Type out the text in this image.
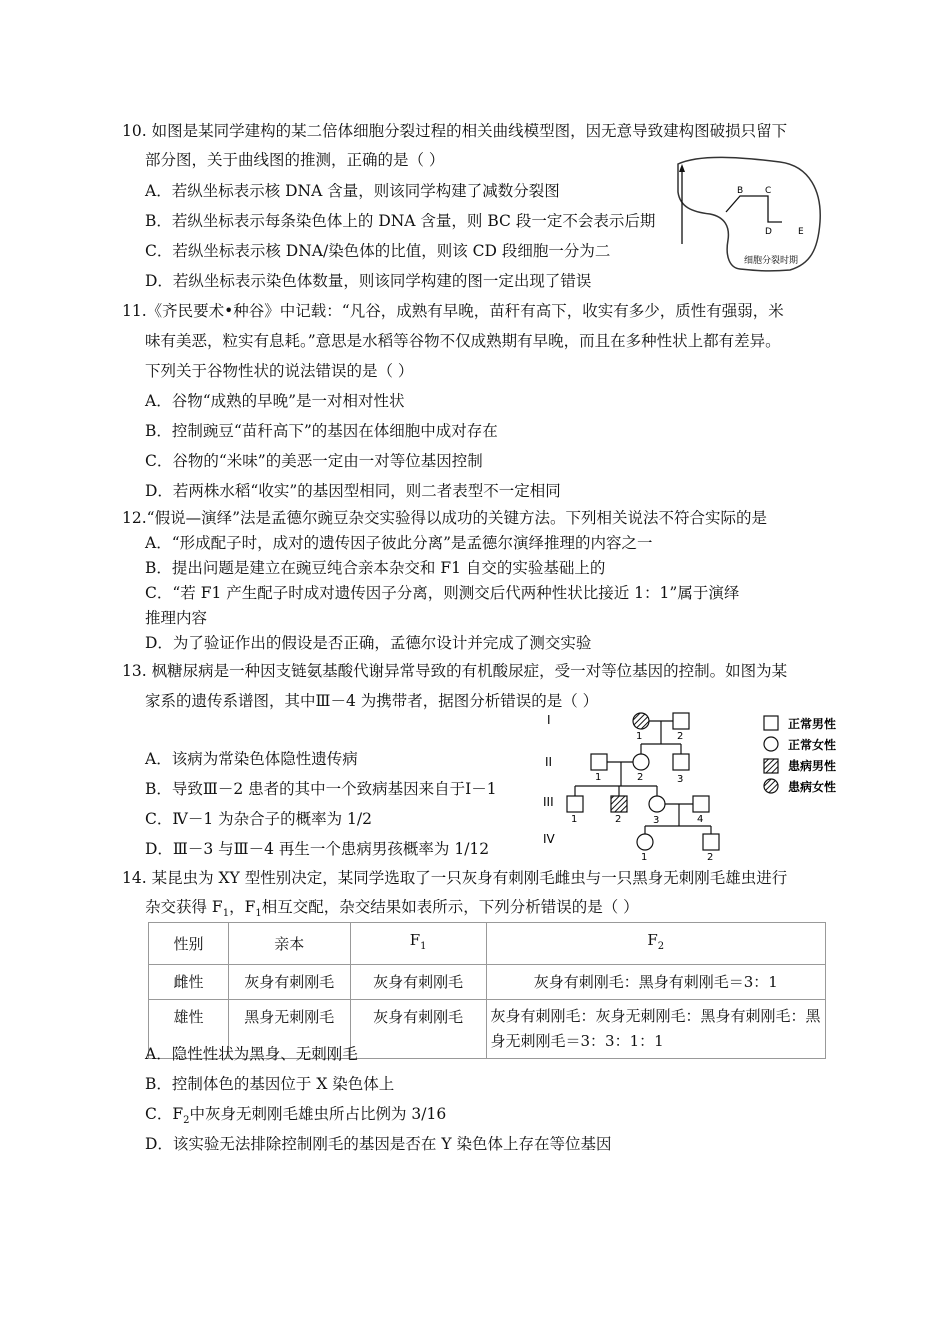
10. 如图是某同学建构的某二倍体细胞分裂过程的相关曲线模型图，因无意导致建构图破损只留下
部分图，关于曲线图的推测，正确的是（ ）
A．若纵坐标表示核 DNA 含量，则该同学构建了减数分裂图
B．若纵坐标表示每条染色体上的 DNA 含量，则 BC 段一定不会表示后期
C．若纵坐标表示核 DNA/染色体的比值，则该 CD 段细胞一分为二
D．若纵坐标表示染色体数量，则该同学构建的图一定出现了错误
B C
D	E
细胞分裂时期
11.《齐民要术•种谷》中记载：“凡谷，成熟有早晚，苗秆有高下，收实有多少，质性有强弱，米
味有美恶，粒实有息耗。”意思是水稻等谷物不仅成熟期有早晚，而且在多种性状上都有差异。
下列关于谷物性状的说法错误的是（ ）
A．谷物“成熟的早晚”是一对相对性状
B．控制豌豆“苗秆高下”的基因在体细胞中成对存在
C．谷物的“米味”的美恶一定由一对等位基因控制
D．若两株水稻“收实”的基因型相同，则二者表型不一定相同
12.“假说—演绎”法是孟德尔豌豆杂交实验得以成功的关键方法。下列相关说法不符合实际的是
A．“形成配子时，成对的遗传因子彼此分离”是孟德尔演绎推理的内容之一
B．提出问题是建立在豌豆纯合亲本杂交和 F1 自交的实验基础上的
C．“若 F1 产生配子时成对遗传因子分离，则测交后代两种性状比接近 1：1”属于演绎
推理内容
D．为了验证作出的假设是否正确，孟德尔设计并完成了测交实验
13. 枫糖尿病是一种因支链氨基酸代谢异常导致的有机酸尿症，受一对等位基因的控制。如图为某
家系的遗传系谱图，其中Ⅲ－4 为携带者，据图分析错误的是（ ）
A．该病为常染色体隐性遗传病
B．导致Ⅲ－2 患者的其中一个致病基因来自于Ⅰ－1
C．Ⅳ－1 为杂合子的概率为 1/2
D．Ⅲ－3 与Ⅲ－4 再生一个患病男孩概率为 1/12
I
II
III
IV
1	2
1	2	3
1	2	3	4
1	2
正常男性
正常女性
患病男性
患病女性
14. 某昆虫为 XY 型性别决定，某同学选取了一只灰身有刺刚毛雌虫与一只黑身无刺刚毛雄虫进行
杂交获得 $F_1$，$F_1$相互交配，杂交结果如表所示，下列分析错误的是（ ）
性别	亲本	$F_1$	$F_2$
雌性	灰身有刺刚毛	灰身有刺刚毛	灰身有刺刚毛：黑身有刺刚毛＝3：1
雄性	黑身无刺刚毛	灰身有刺刚毛	灰身有刺刚毛：灰身无刺刚毛：黑身有刺刚毛：黑身无刺刚毛＝3：3：1：1
A．隐性性状为黑身、无刺刚毛
B．控制体色的基因位于 X 染色体上
C．$F_2$中灰身无刺刚毛雄虫所占比例为 3/16
D．该实验无法排除控制刚毛的基因是否在 Y 染色体上存在等位基因
